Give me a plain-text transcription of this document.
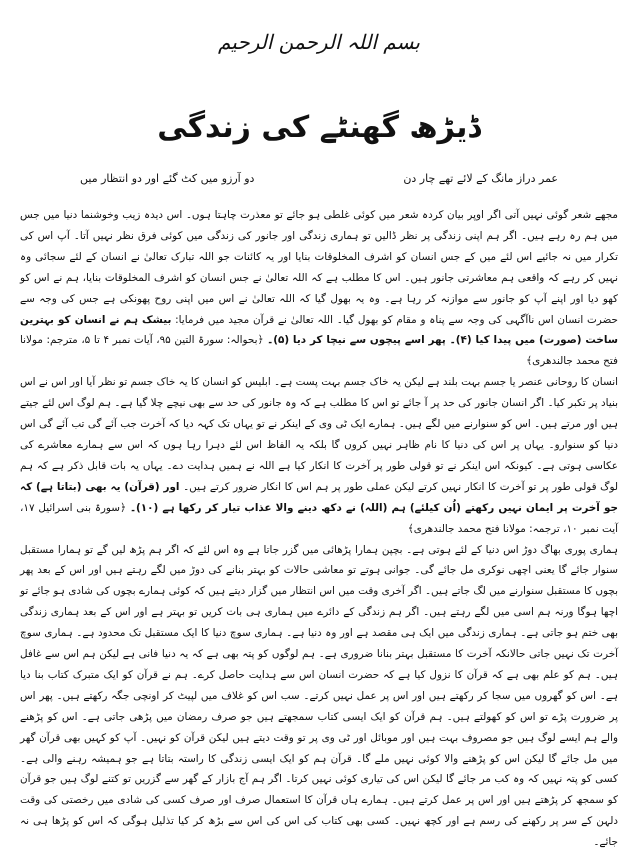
بسم اللہ الرحمن الرحیم
ڈیڑھ گھنٹے کی زندگی
عمر دراز مانگ کے لائے تھے چار دن
دو آرزو میں کٹ گئے اور دو انتظار میں

مجھے شعر گوئی نہیں آتی اگر اوپر بیان کردہ شعر میں کوئی غلطی ہو جائے تو معذرت چاہتا ہوں۔ اس دیدہ زیب وخوشنما دنیا میں جس میں ہم رہ رہے ہیں۔ اگر ہم اپنی زندگی پر نظر ڈالیں تو ہماری زندگی اور جانور کی زندگی میں کوئی فرق نظر نہیں آتا۔ آپ اس کی تکرار میں نہ جائیے اس لئے میں کے جس انسان کو اشرف المخلوقات بنایا اور یہ کائنات جو اللہ تبارک تعالیٰ نے انسان کے لئے سجائی وہ نہیں کر رہے کہ واقعی ہم معاشرتی جانور ہیں۔ اس کا مطلب ہے کہ اللہ تعالیٰ نے جس انسان کو اشرف المخلوقات بنایا، ہم نے اس کو کھو دیا اور اپنے آپ کو جانور سے موازنہ کر رہا ہے۔ وہ یہ بھول گیا کہ اللہ تعالیٰ نے اس میں اپنی روح پھونکی ہے جس کی وجہ سے حضرت انسان اس ناآگہی کی وجہ سے پناہ و مقام کو بھول گیا۔ اللہ تعالیٰ نے قرآن مجید میں فرمایا: بیشک ہم نے انسان کو بہترین ساخت (صورت) میں پیدا کیا (۴)۔ پھر اسے پیچوں سے نیچا کر دیا (۵)۔ ﴿بحوالہ: سورۃ التین ۹۵، آیات نمبر ۴ تا ۵، مترجم: مولانا فتح محمد جالندھری﴾

انسان کا روحانی عنصر یا جسم بہت بلند ہے لیکن یہ خاک جسم بہت پست ہے۔ ابلیس کو انسان کا یہ خاک جسم تو نظر آیا اور اس نے اس بنیاد پر تکبر کیا۔ اگر انسان جانور کی حد پر آ جائے تو اس کا مطلب ہے کہ وہ جانور کی حد سے بھی نیچے چلا گیا ہے۔ ہم لوگ اس لئے جیتے ہیں اور مرتے ہیں۔ اس کو سنوارنے میں لگے ہیں۔ ہمارے ایک ٹی وی کے اینکر نے تو یہاں تک کہہ دیا کہ آخرت جب آئے گی تب آئے گی اس دنیا کو سنوارو۔ یہاں پر اس کی دنیا کا نام ظاہر نہیں کروں گا بلکہ یہ الفاظ اس لئے دہرا رہا ہوں کہ اس سے ہمارے معاشرے کی عکاسی ہوتی ہے۔ کیونکہ اس اینکر نے تو قولی طور پر آخرت کا انکار کیا ہے اللہ نے ہمیں ہدایت دے۔ یہاں یہ بات قابل ذکر ہے کہ ہم لوگ قولی طور پر تو آخرت کا انکار نہیں کرتے لیکن عملی طور پر ہم اس کا انکار ضرور کرتے ہیں۔ اور (قرآن) یہ بھی (بتاتا ہے) کہ جو آخرت پر ایمان نہیں رکھتے (اُن کیلئے) ہم (اللہ) نے دکھ دینے والا عذاب تیار کر رکھا ہے (۱۰)۔ ﴿سورۃ بنی اسرائیل ۱۷، آیت نمبر ۱۰، ترجمہ: مولانا فتح محمد جالندھری﴾

ہماری پوری بھاگ دوڑ اس دنیا کے لئے ہوتی ہے۔ بچپن ہمارا پڑھائی میں گزر جاتا ہے وہ اس لئے کہ اگر ہم پڑھ لیں گے تو ہمارا مستقبل سنوار جائے گا یعنی اچھی نوکری مل جائے گی۔ جوانی ہوتے تو معاشی حالات کو بہتر بنانے کی دوڑ میں لگے رہتے ہیں اور اس کے بعد پھر بچوں کا مستقبل سنوارنے میں لگ جاتے ہیں۔ اگر آخری وقت میں اس انتظار میں گزار دیتے ہیں کہ کوئی ہمارے بچوں کی شادی ہو جائے تو اچھا ہوگا ورنہ ہم اسی میں لگے رہتے ہیں۔ اگر ہم زندگی کے دائرے میں ہماری ہی بات کریں تو بہتر ہے اور اس کے بعد ہماری زندگی بھی ختم ہو جاتی ہے۔ ہماری زندگی میں ایک ہی مقصد ہے اور وہ دنیا ہے۔ ہماری سوچ دنیا کا ایک مستقبل تک محدود ہے۔ ہماری سوچ آخرت تک نہیں جاتی حالانکہ آخرت کا مستقبل بہتر بنانا ضروری ہے۔ ہم لوگوں کو پتہ بھی ہے کہ یہ دنیا فانی ہے لیکن ہم اس سے غافل ہیں۔ ہم کو علم بھی ہے کہ قرآن کا نزول کیا ہے کہ حضرت انسان اس سے ہدایت حاصل کرے۔ ہم نے قرآن کو ایک متبرک کتاب بنا دیا ہے۔ اس کو گھروں میں سجا کر رکھتے ہیں اور اس پر عمل نہیں کرتے۔ سب اس کو غلاف میں لپیٹ کر اونچی جگہ رکھتے ہیں۔ پھر اس پر ضرورت پڑے تو اس کو کھولتے ہیں۔ ہم قرآن کو ایک ایسی کتاب سمجھتے ہیں جو صرف رمضان میں پڑھی جاتی ہے۔ اس کو پڑھنے والے ہم ایسے لوگ ہیں جو مصروف بہت ہیں اور موبائل اور ٹی وی پر تو وقت دیتے ہیں لیکن قرآن کو نہیں۔ آپ کو کہیں بھی قرآن گھر میں مل جائے گا لیکن اس کو پڑھنے والا کوئی نہیں ملے گا۔ قرآن ہم کو ایک ایسی زندگی کا راستہ بتاتا ہے جو ہمیشہ رہنے والی ہے۔ کسی کو پتہ نہیں کہ وہ کب مر جائے گا لیکن اس کی تیاری کوئی نہیں کرتا۔ اگر ہم آج بازار کے گھر سے گزریں تو کتنے لوگ ہیں جو قرآن کو سمجھ کر پڑھتے ہیں اور اس پر عمل کرتے ہیں۔ ہمارے ہاں قرآن کا استعمال صرف اور صرف کسی کی شادی میں رخصتی کی وقت دلہن کے سر پر رکھنے کی رسم ہے اور کچھ نہیں۔ کسی بھی کتاب کی اس کی اس سے بڑھ کر کیا تذلیل ہوگی کہ اس کو پڑھا ہی نہ جائے۔
